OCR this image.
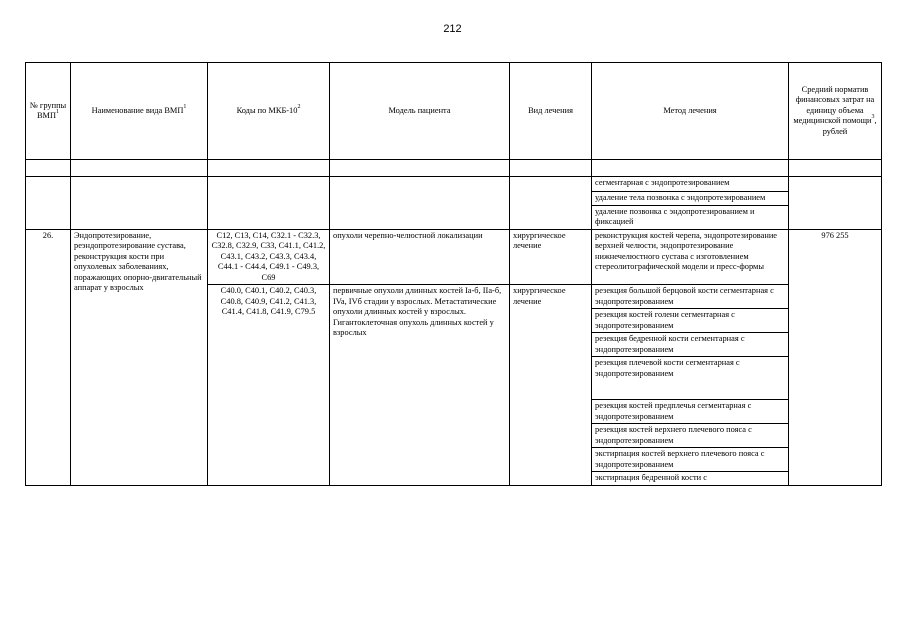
212
№ группы ВМП$^1$	Наименование вида ВМП$^1$	Коды по МКБ-$10^2$	Модель пациента	Вид лечения	Метод лечения	Средний норматив финансовых затрат на единицу объема медицинской помощи$^3$, рублей

					сегментарная с эндопротезированием	
					удаление тела позвонка с эндопротезированием	
					удаление позвонка с эндопротезированием и фиксацией	
26.	Эндопротезирование, реэндопротезирование сустава, реконструкция кости при опухолевых заболеваниях, поражающих опорно-двигательный аппарат у взрослых	C12, C13, C14, C32.1 - C32.3, C32.8, C32.9, C33, C41.1, C41.2, C43.1, C43.2, C43.3, C43.4, C44.1 - C44.4, C49.1 - C49.3, C69	опухоли черепно-челюстной локализации	хирургическое лечение	реконструкция костей черепа, эндопротезирование верхней челюсти, эндопротезирование нижнечелюстного сустава с изготовлением стереолитографической модели и пресс-формы	976 255
		C40.0, C40.1, C40.2, C40.3, C40.8, C40.9, C41.2, C41.3, C41.4, C41.8, C41.9, C79.5	первичные опухоли длинных костей Ia-б, IIa-б, IVa, IVб стадии у взрослых. Метастатические опухоли длинных костей у взрослых. Гигантоклеточная опухоль длинных костей у взрослых	хирургическое лечение	резекция большой берцовой кости сегментарная с эндопротезированием	
					резекция костей голени сегментарная с эндопротезированием	
					резекция бедренной кости сегментарная с эндопротезированием	
					резекция плечевой кости сегментарная с эндопротезированием	
					резекция костей предплечья сегментарная с эндопротезированием	
					резекция костей верхнего плечевого пояса с эндопротезированием	
					экстирпация костей верхнего плечевого пояса с эндопротезированием	
					экстирпация бедренной кости с	
